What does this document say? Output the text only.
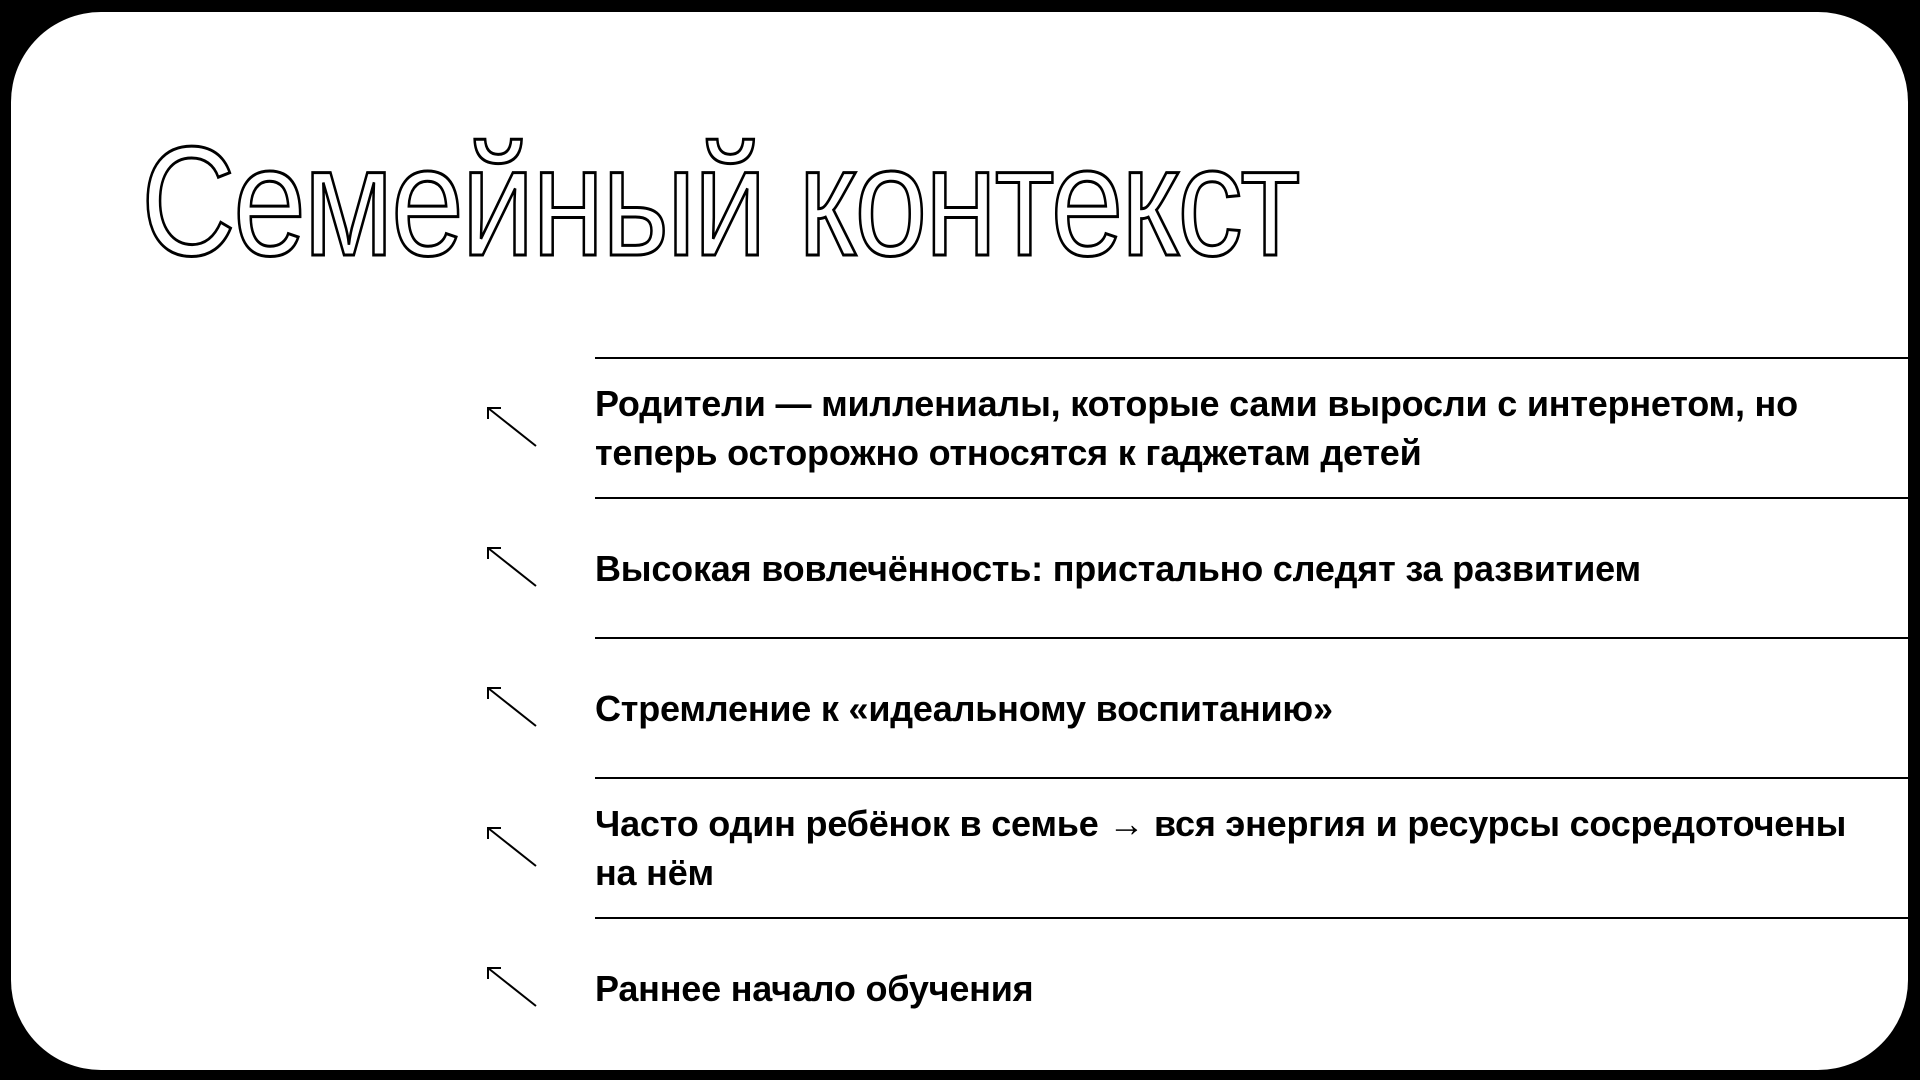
Семейный контекст
Родители — миллениалы, которые сами выросли с интернетом, но теперь осторожно относятся к гаджетам детей
Высокая вовлечённость: пристально следят за развитием
Стремление к «идеальному воспитанию»
Часто один ребёнок в семье → вся энергия и ресурсы сосредоточены на нём
Раннее начало обучения
